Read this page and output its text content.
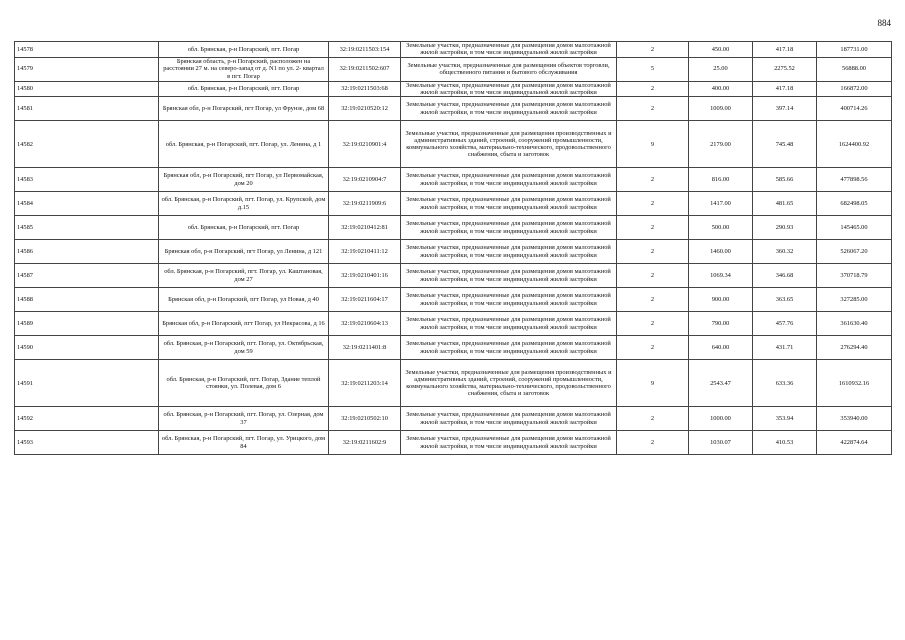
884
14578	обл. Брянская, р-н Погарский, пгт. Погар	32:19:0211503:154	Земельные участки, предназначенные для размещения домов малоэтажной жилой застройки, в том числе индивидуальной жилой застройки	2	450.00	417.18	187731.00
14579	Брянская область, р-н Погарский, расположен на расстоянии 27 м. на северо-запад от д. N1 по ул. 2- квартал в пгт. Погар	32:19:0211502:607	Земельные участки, предназначенные для размещения объектов торговли, общественного питания и бытового обслуживания	5	25.00	2275.52	56888.00
14580	обл. Брянская, р-н Погарский, пгт. Погар	32:19:0211503:68	Земельные участки, предназначенные для размещения домов малоэтажной жилой застройки, в том числе индивидуальной жилой застройки	2	400.00	417.18	166872.00
14581	Брянская обл, р-н Погарский, пгт Погар, ул Фрунзе, дом 68	32:19:0210520:12	Земельные участки, предназначенные для размещения домов малоэтажной жилой застройки, в том числе индивидуальной жилой застройки	2	1009.00	397.14	400714.26
14582	обл. Брянская, р-н Погарский, пгт. Погар, ул. Ленина, д 1	32:19:0210901:4	Земельные участки, предназначенные для размещения производственных и административных зданий, строений, сооружений промышленности, коммунального хозяйства, материально-технического, продовольственного снабжения, сбыта и заготовок	9	2179.00	745.48	1624400.92
14583	Брянская обл, р-н Погарский, пгт Погар, ул Первомайская, дом 20	32:19:0210904:7	Земельные участки, предназначенные для размещения домов малоэтажной жилой застройки, в том числе индивидуальной жилой застройки	2	816.00	585.66	477898.56
14584	обл. Брянская, р-н Погарский, пгт. Погар, ул. Крупской, дом д.15	32:19:0211909:6	Земельные участки, предназначенные для размещения домов малоэтажной жилой застройки, в том числе индивидуальной жилой застройки	2	1417.00	481.65	682498.05
14585	обл. Брянская, р-н Погарский, пгт. Погар	32:19:0210412:81	Земельные участки, предназначенные для размещения домов малоэтажной жилой застройки, в том числе индивидуальной жилой застройки	2	500.00	290.93	145465.00
14586	Брянская обл, р-н Погарский, пгт Погар, ул Ленина, д 121	32:19:0210411:12	Земельные участки, предназначенные для размещения домов малоэтажной жилой застройки, в том числе индивидуальной жилой застройки	2	1460.00	360.32	526067.20
14587	обл. Брянская, р-н Погарский, пгт. Погар, ул. Каштановая, дом 27	32:19:0210401:16	Земельные участки, предназначенные для размещения домов малоэтажной жилой застройки, в том числе индивидуальной жилой застройки	2	1069.34	346.68	370718.79
14588	Брянская обл, р-н Погарский, пгт Погар, ул Новая, д 40	32:19:0211604:17	Земельные участки, предназначенные для размещения домов малоэтажной жилой застройки, в том числе индивидуальной жилой застройки	2	900.00	363.65	327285.00
14589	Брянская обл, р-н Погарский, пгт Погар, ул Некрасова, д 16	32:19:0210604:13	Земельные участки, предназначенные для размещения домов малоэтажной жилой застройки, в том числе индивидуальной жилой застройки	2	790.00	457.76	361630.40
14590	обл. Брянская, р-н Погарский, пгт. Погар, ул. Октябрьская, дом 59	32:19:0211401:8	Земельные участки, предназначенные для размещения домов малоэтажной жилой застройки, в том числе индивидуальной жилой застройки	2	640.00	431.71	276294.40
14591	обл. Брянская, р-н Погарский, пгт. Погар, Здание теплой стоянки, ул. Полевая, дом 6	32:19:0211203:14	Земельные участки, предназначенные для размещения производственных и административных зданий, строений, сооружений промышленности, коммунального хозяйства, материально-технического, продовольственного снабжения, сбыта и заготовок	9	2543.47	633.36	1610932.16
14592	обл. Брянская, р-н Погарский, пгт. Погар, ул. Озерная, дом 37	32:19:0210502:10	Земельные участки, предназначенные для размещения домов малоэтажной жилой застройки, в том числе индивидуальной жилой застройки	2	1000.00	353.94	353940.00
14593	обл. Брянская, р-н Погарский, пгт. Погар, ул. Урицкого, дом 84	32:19:0211602:9	Земельные участки, предназначенные для размещения домов малоэтажной жилой застройки, в том числе индивидуальной жилой застройки	2	1030.07	410.53	422874.64
